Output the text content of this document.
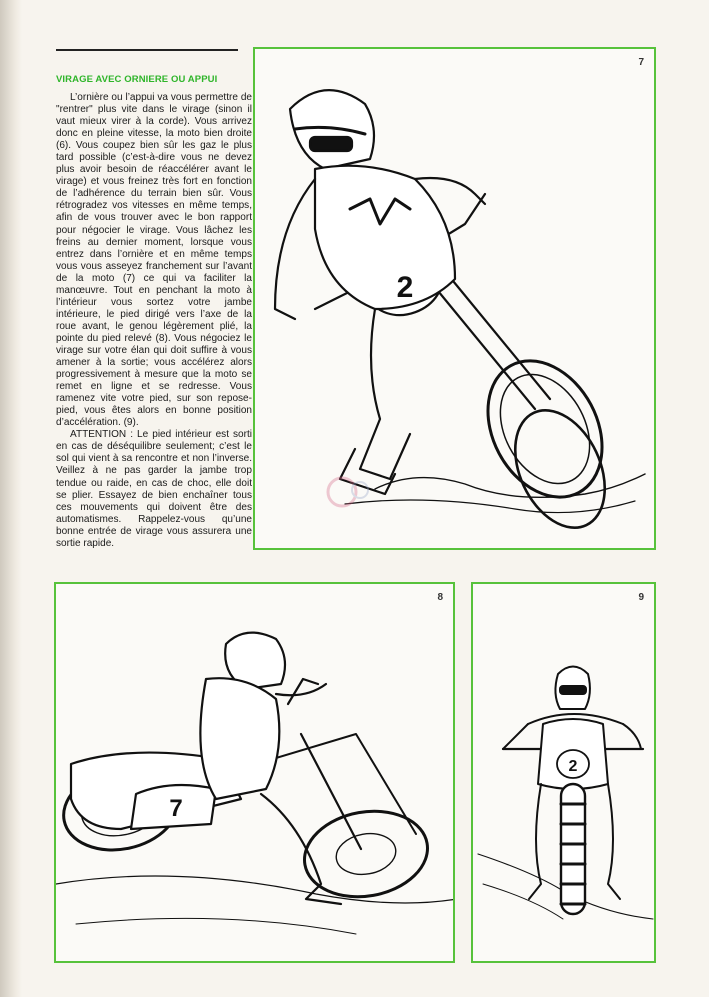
VIRAGE AVEC ORNIERE OU APPUI

L’ornière ou l’appui va vous permettre de "rentrer" plus vite dans le virage (sinon il vaut mieux virer à la corde). Vous arrivez donc en pleine vitesse, la moto bien droite (6). Vous coupez bien sûr les gaz le plus tard possible (c’est-à-dire vous ne devez plus avoir besoin de réaccélérer avant le virage) et vous freinez très fort en fonction de l’adhérence du terrain bien sûr. Vous rétrogradez vos vitesses en même temps, afin de vous trouver avec le bon rapport pour négocier le virage. Vous lâchez les freins au dernier moment, lorsque vous entrez dans l’ornière et en même temps vous vous asseyez franchement sur l’avant de la moto (7) ce qui va faciliter la manœuvre. Tout en penchant la moto à l’intérieur vous sortez votre jambe intérieure, le pied dirigé vers l’axe de la roue avant, le genou légèrement plié, la pointe du pied relevé (8). Vous négociez le virage sur votre élan qui doit suffire à vous amener à la sortie; vous accélérez alors progressivement à mesure que la moto se remet en ligne et se redresse. Vous ramenez vite votre pied, sur son repose-pied, vous êtes alors en bonne position d’accélération. (9).

ATTENTION : Le pied intérieur est sorti en cas de déséquilibre seulement; c’est le sol qui vient à sa rencontre et non l’inverse. Veillez à ne pas garder la jambe trop tendue ou raide, en cas de choc, elle doit se plier. Essayez de bien enchaîner tous ces mouvements qui doivent être des automatismes. Rappelez-vous qu’une bonne entrée de virage vous assurera une sortie rapide.

7
2
8
7
9
2
